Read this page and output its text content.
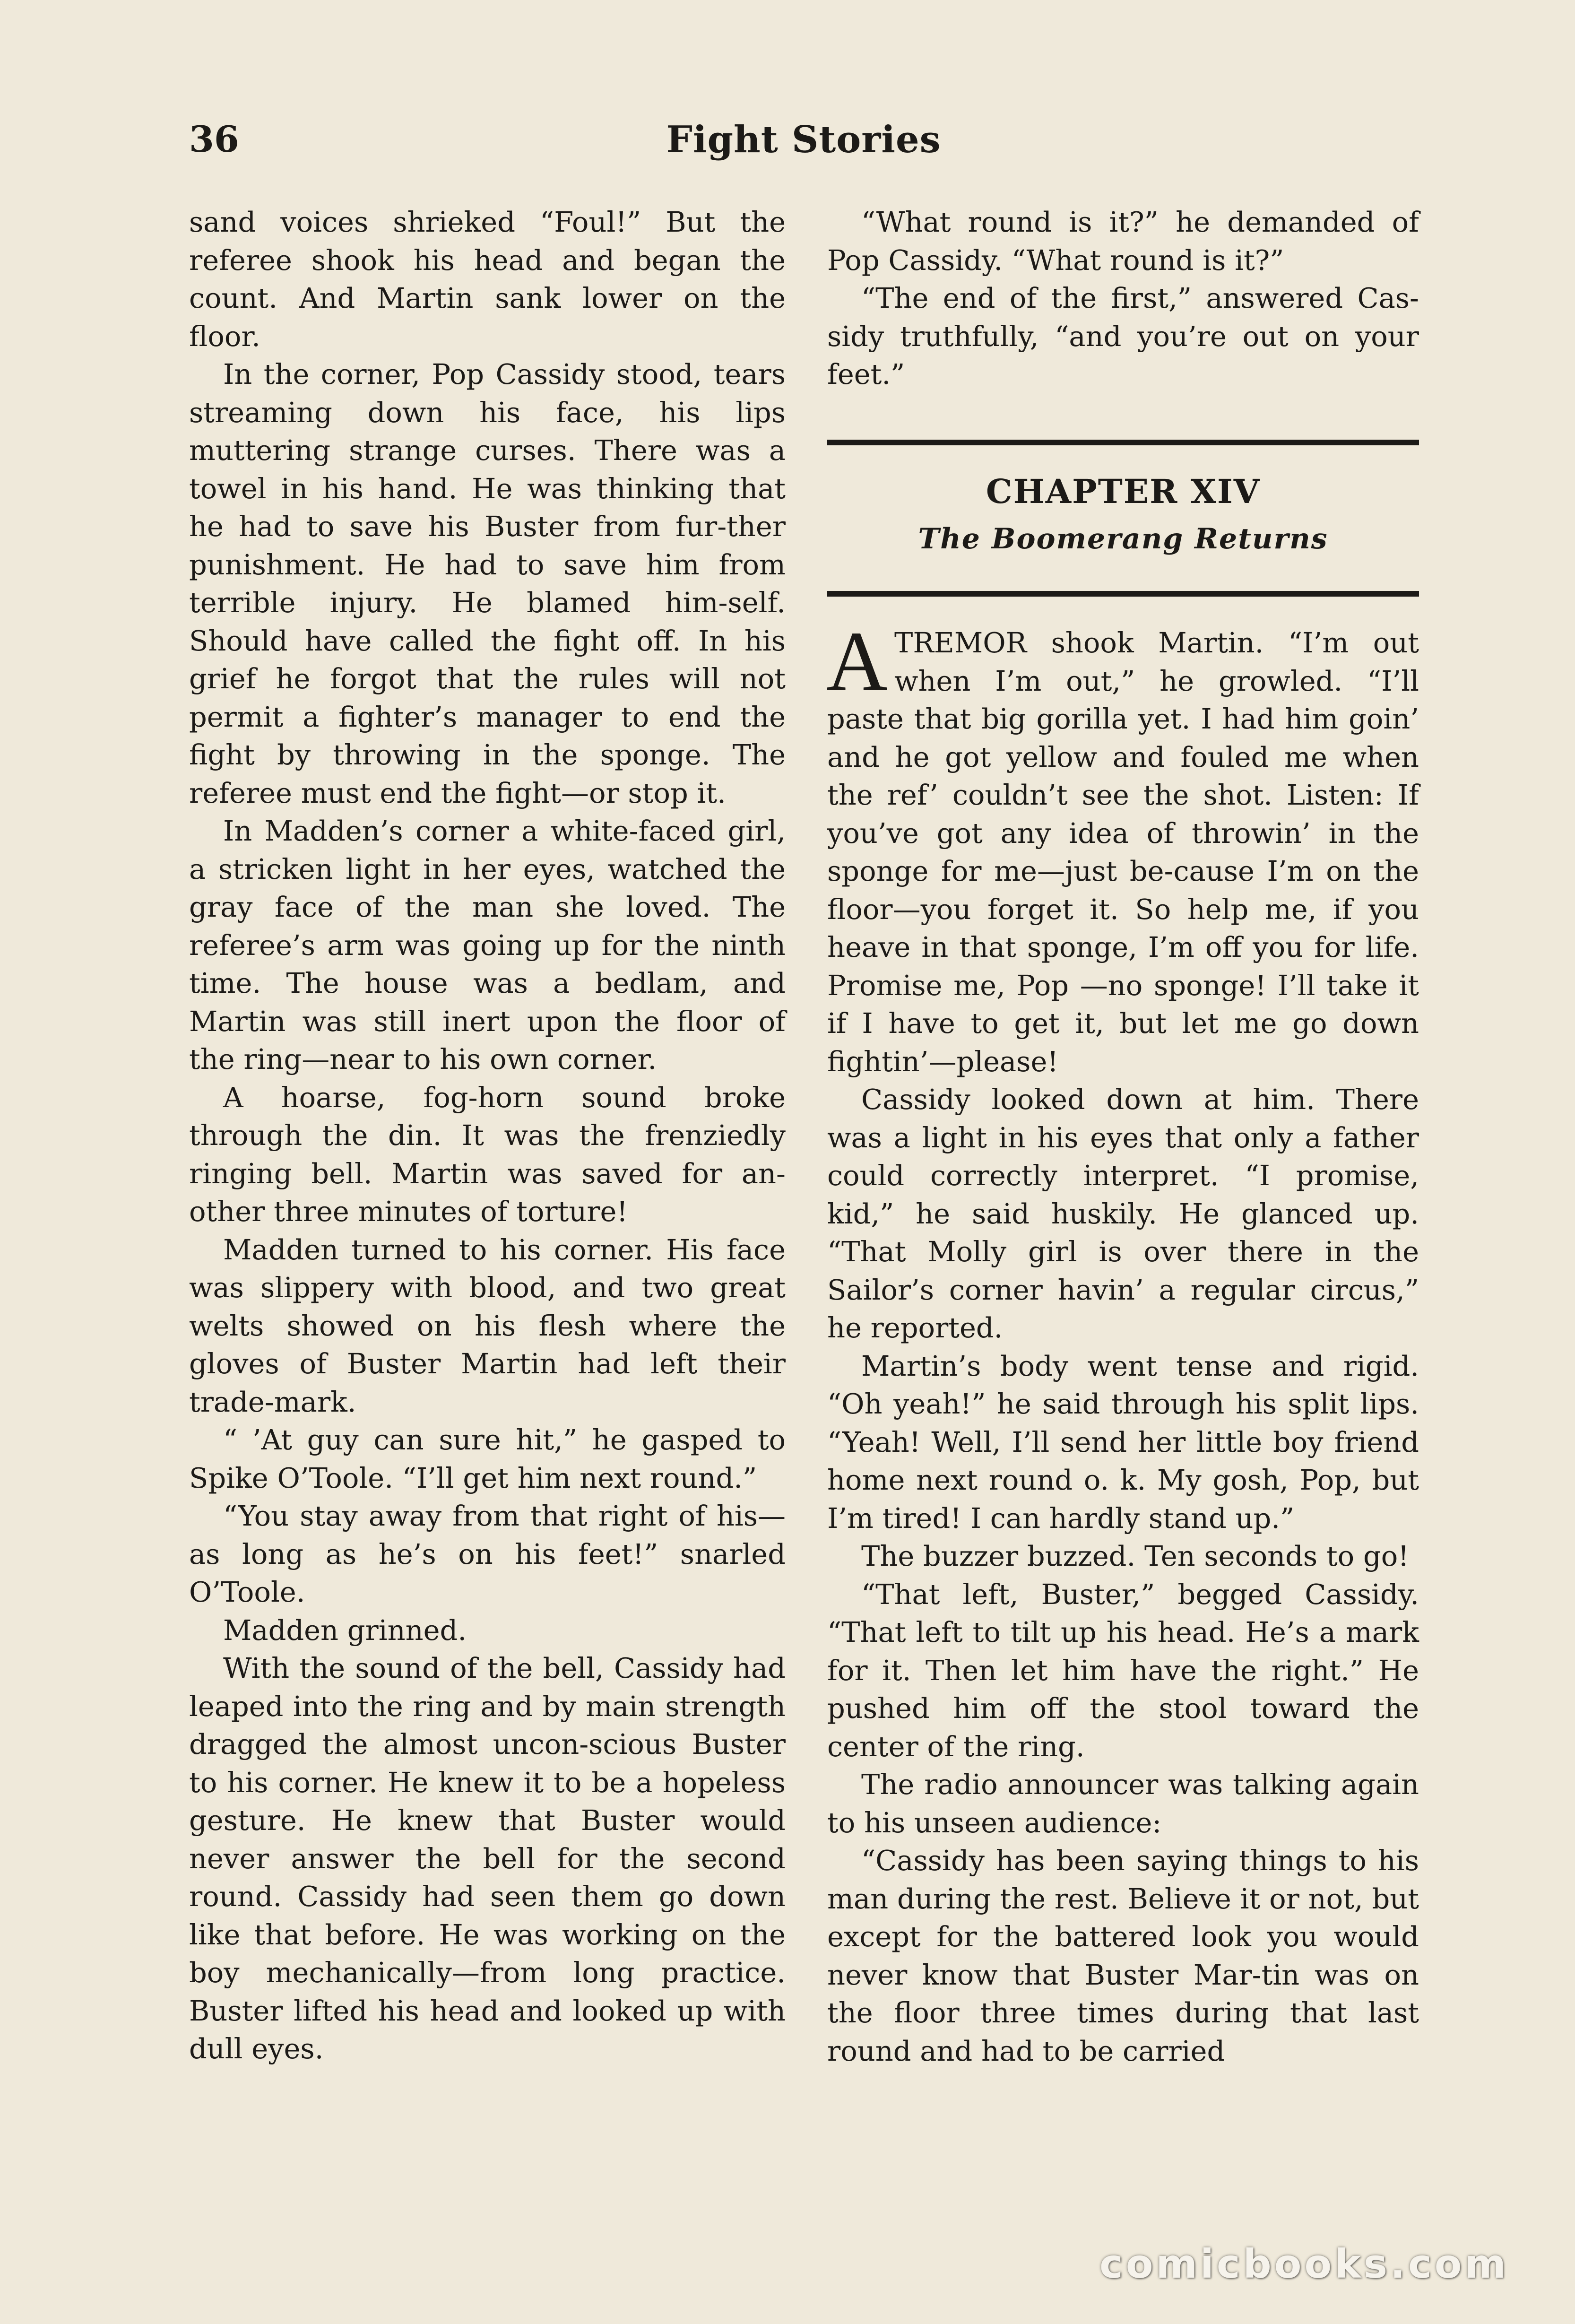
36	Fight Stories

sand voices shrieked “Foul!” But the referee shook his head and began the count. And Martin sank lower on the floor.

In the corner, Pop Cassidy stood, tears streaming down his face, his lips muttering strange curses. There was a towel in his hand. He was thinking that he had to save his Buster from fur-ther punishment. He had to save him from terrible injury. He blamed him-self. Should have called the fight off. In his grief he forgot that the rules will not permit a fighter’s manager to end the fight by throwing in the sponge. The referee must end the fight—or stop it.

In Madden’s corner a white-faced girl, a stricken light in her eyes, watched the gray face of the man she loved. The referee’s arm was going up for the ninth time. The house was a bedlam, and Martin was still inert upon the floor of the ring—near to his own corner.

A hoarse, fog-horn sound broke through the din. It was the frenziedly ringing bell. Martin was saved for an-other three minutes of torture!

Madden turned to his corner. His face was slippery with blood, and two great welts showed on his flesh where the gloves of Buster Martin had left their trade-mark.

“ ’At guy can sure hit,” he gasped to Spike O’Toole. “I’ll get him next round.”

“You stay away from that right of his—as long as he’s on his feet!” snarled O’Toole.

Madden grinned.

With the sound of the bell, Cassidy had leaped into the ring and by main strength dragged the almost uncon-scious Buster to his corner. He knew it to be a hopeless gesture. He knew that Buster would never answer the bell for the second round. Cassidy had seen them go down like that before. He was working on the boy mechanically—from long practice. Buster lifted his head and looked up with dull eyes.

“What round is it?” he demanded of Pop Cassidy. “What round is it?”

“The end of the first,” answered Cas-sidy truthfully, “and you’re out on your feet.”

CHAPTER XIV
The Boomerang Returns

ATREMOR shook Martin. “I’m out when I’m out,” he growled. “I’ll paste that big gorilla yet. I had him goin’ and he got yellow and fouled me when the ref’ couldn’t see the shot. Listen: If you’ve got any idea of throwin’ in the sponge for me—just be-cause I’m on the floor—you forget it. So help me, if you heave in that sponge, I’m off you for life. Promise me, Pop —no sponge! I’ll take it if I have to get it, but let me go down fightin’—please!

Cassidy looked down at him. There was a light in his eyes that only a father could correctly interpret. “I promise, kid,” he said huskily. He glanced up. “That Molly girl is over there in the Sailor’s corner havin’ a regular circus,” he reported.

Martin’s body went tense and rigid. “Oh yeah!” he said through his split lips. “Yeah! Well, I’ll send her little boy friend home next round o. k. My gosh, Pop, but I’m tired! I can hardly stand up.”

The buzzer buzzed. Ten seconds to go!

“That left, Buster,” begged Cassidy. “That left to tilt up his head. He’s a mark for it. Then let him have the right.” He pushed him off the stool toward the center of the ring.

The radio announcer was talking again to his unseen audience:

“Cassidy has been saying things to his man during the rest. Believe it or not, but except for the battered look you would never know that Buster Mar-tin was on the floor three times during that last round and had to be carried

comicbooks.com
